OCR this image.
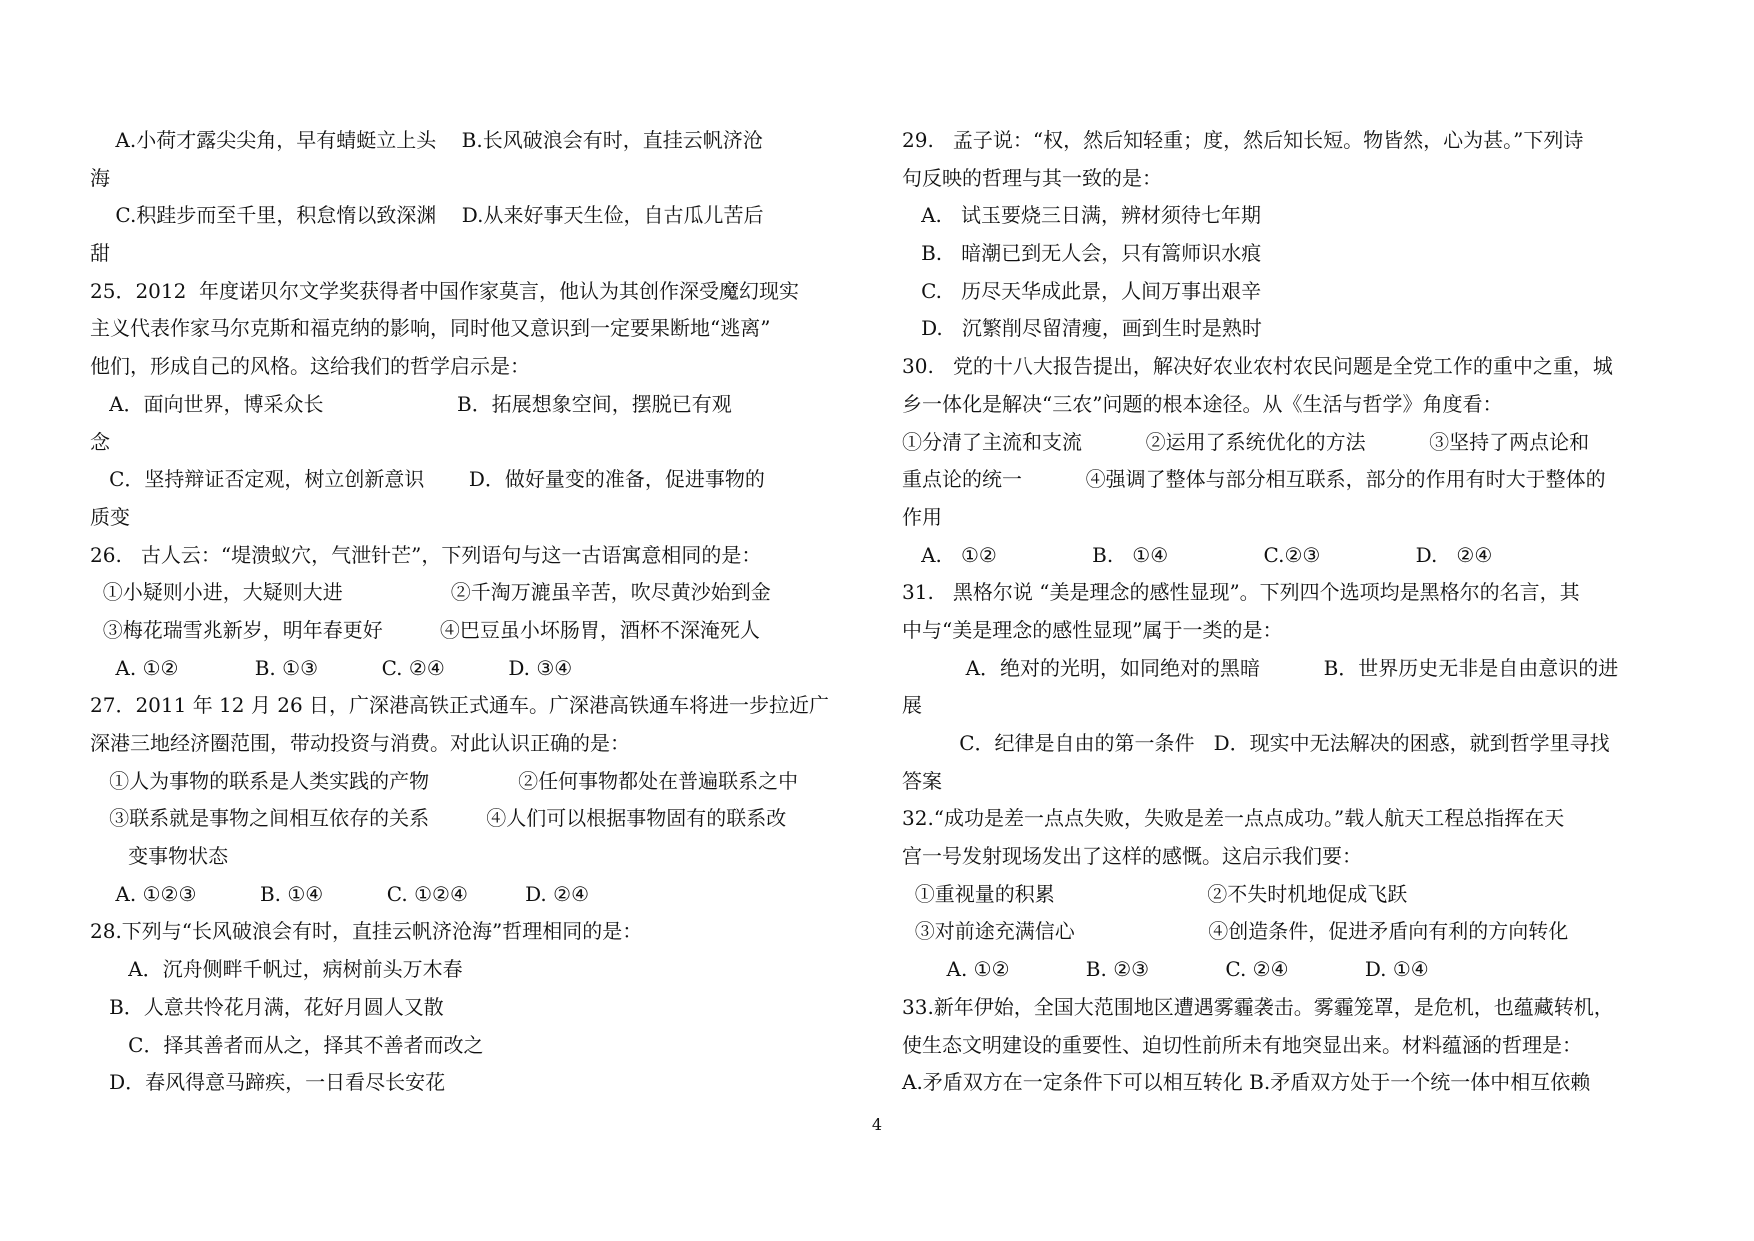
A.小荷才露尖尖角，早有蜻蜓立上头    B.长风破浪会有时，直挂云帆济沧
海
C.积跬步而至千里，积怠惰以致深渊    D.从来好事天生俭，自古瓜儿苦后
甜
25．2012  年度诺贝尔文学奖获得者中国作家莫言，他认为其创作深受魔幻现实
主义代表作家马尔克斯和福克纳的影响，同时他又意识到一定要果断地“逃离”
他们，形成自己的风格。这给我们的哲学启示是：
A．面向世界，博采众长                     B．拓展想象空间，摆脱已有观
念
C．坚持辩证否定观，树立创新意识       D．做好量变的准备，促进事物的
质变
26.   古人云：“堤溃蚁穴，气泄针芒”，下列语句与这一古语寓意相同的是：
①小疑则小进，大疑则大进                 ②千淘万漉虽辛苦，吹尽黄沙始到金
③梅花瑞雪兆新岁，明年春更好         ④巴豆虽小坏肠胃，酒杯不深淹死人
A. ①②            B. ①③          C. ②④          D. ③④
27．2011 年 12 月 26 日，广深港高铁正式通车。广深港高铁通车将进一步拉近广
深港三地经济圈范围，带动投资与消费。对此认识正确的是：
①人为事物的联系是人类实践的产物              ②任何事物都处在普遍联系之中
③联系就是事物之间相互依存的关系         ④人们可以根据事物固有的联系改
变事物状态
A. ①②③          B. ①④          C. ①②④         D. ②④
28.下列与“长风破浪会有时，直挂云帆济沧海”哲理相同的是：
A．沉舟侧畔千帆过，病树前头万木春
B．人意共怜花月满，花好月圆人又散
C．择其善者而从之，择其不善者而改之
D．春风得意马蹄疾，一日看尽长安花
29.   孟子说：“权，然后知轻重；度，然后知长短。物皆然，心为甚。”下列诗
句反映的哲理与其一致的是：
A.   试玉要烧三日满，辨材须待七年期
B.   暗潮已到无人会，只有篙师识水痕
C.   历尽天华成此景，人间万事出艰辛
D.   沉繁削尽留清瘦，画到生时是熟时
30.   党的十八大报告提出，解决好农业农村农民问题是全党工作的重中之重，城
乡一体化是解决“三农”问题的根本途径。从《生活与哲学》角度看：
①分清了主流和支流          ②运用了系统优化的方法          ③坚持了两点论和
重点论的统一          ④强调了整体与部分相互联系，部分的作用有时大于整体的
作用
A.   ①②               B.   ①④               C.②③               D.   ②④
31.   黑格尔说 “美是理念的感性显现”。下列四个选项均是黑格尔的名言，其
中与“美是理念的感性显现”属于一类的是：
A．绝对的光明，如同绝对的黑暗          B．世界历史无非是自由意识的进
展
C．纪律是自由的第一条件   D．现实中无法解决的困惑，就到哲学里寻找
答案
32.“成功是差一点点失败，失败是差一点点成功。”载人航天工程总指挥在天
宫一号发射现场发出了这样的感慨。这启示我们要：
①重视量的积累                        ②不失时机地促成飞跃
③对前途充满信心                     ④创造条件，促进矛盾向有利的方向转化
A. ①②            B. ②③            C. ②④            D. ①④
33.新年伊始，全国大范围地区遭遇雾霾袭击。雾霾笼罩，是危机，也蕴藏转机，
使生态文明建设的重要性、迫切性前所未有地突显出来。材料蕴涵的哲理是：
A.矛盾双方在一定条件下可以相互转化 B.矛盾双方处于一个统一体中相互依赖
4
